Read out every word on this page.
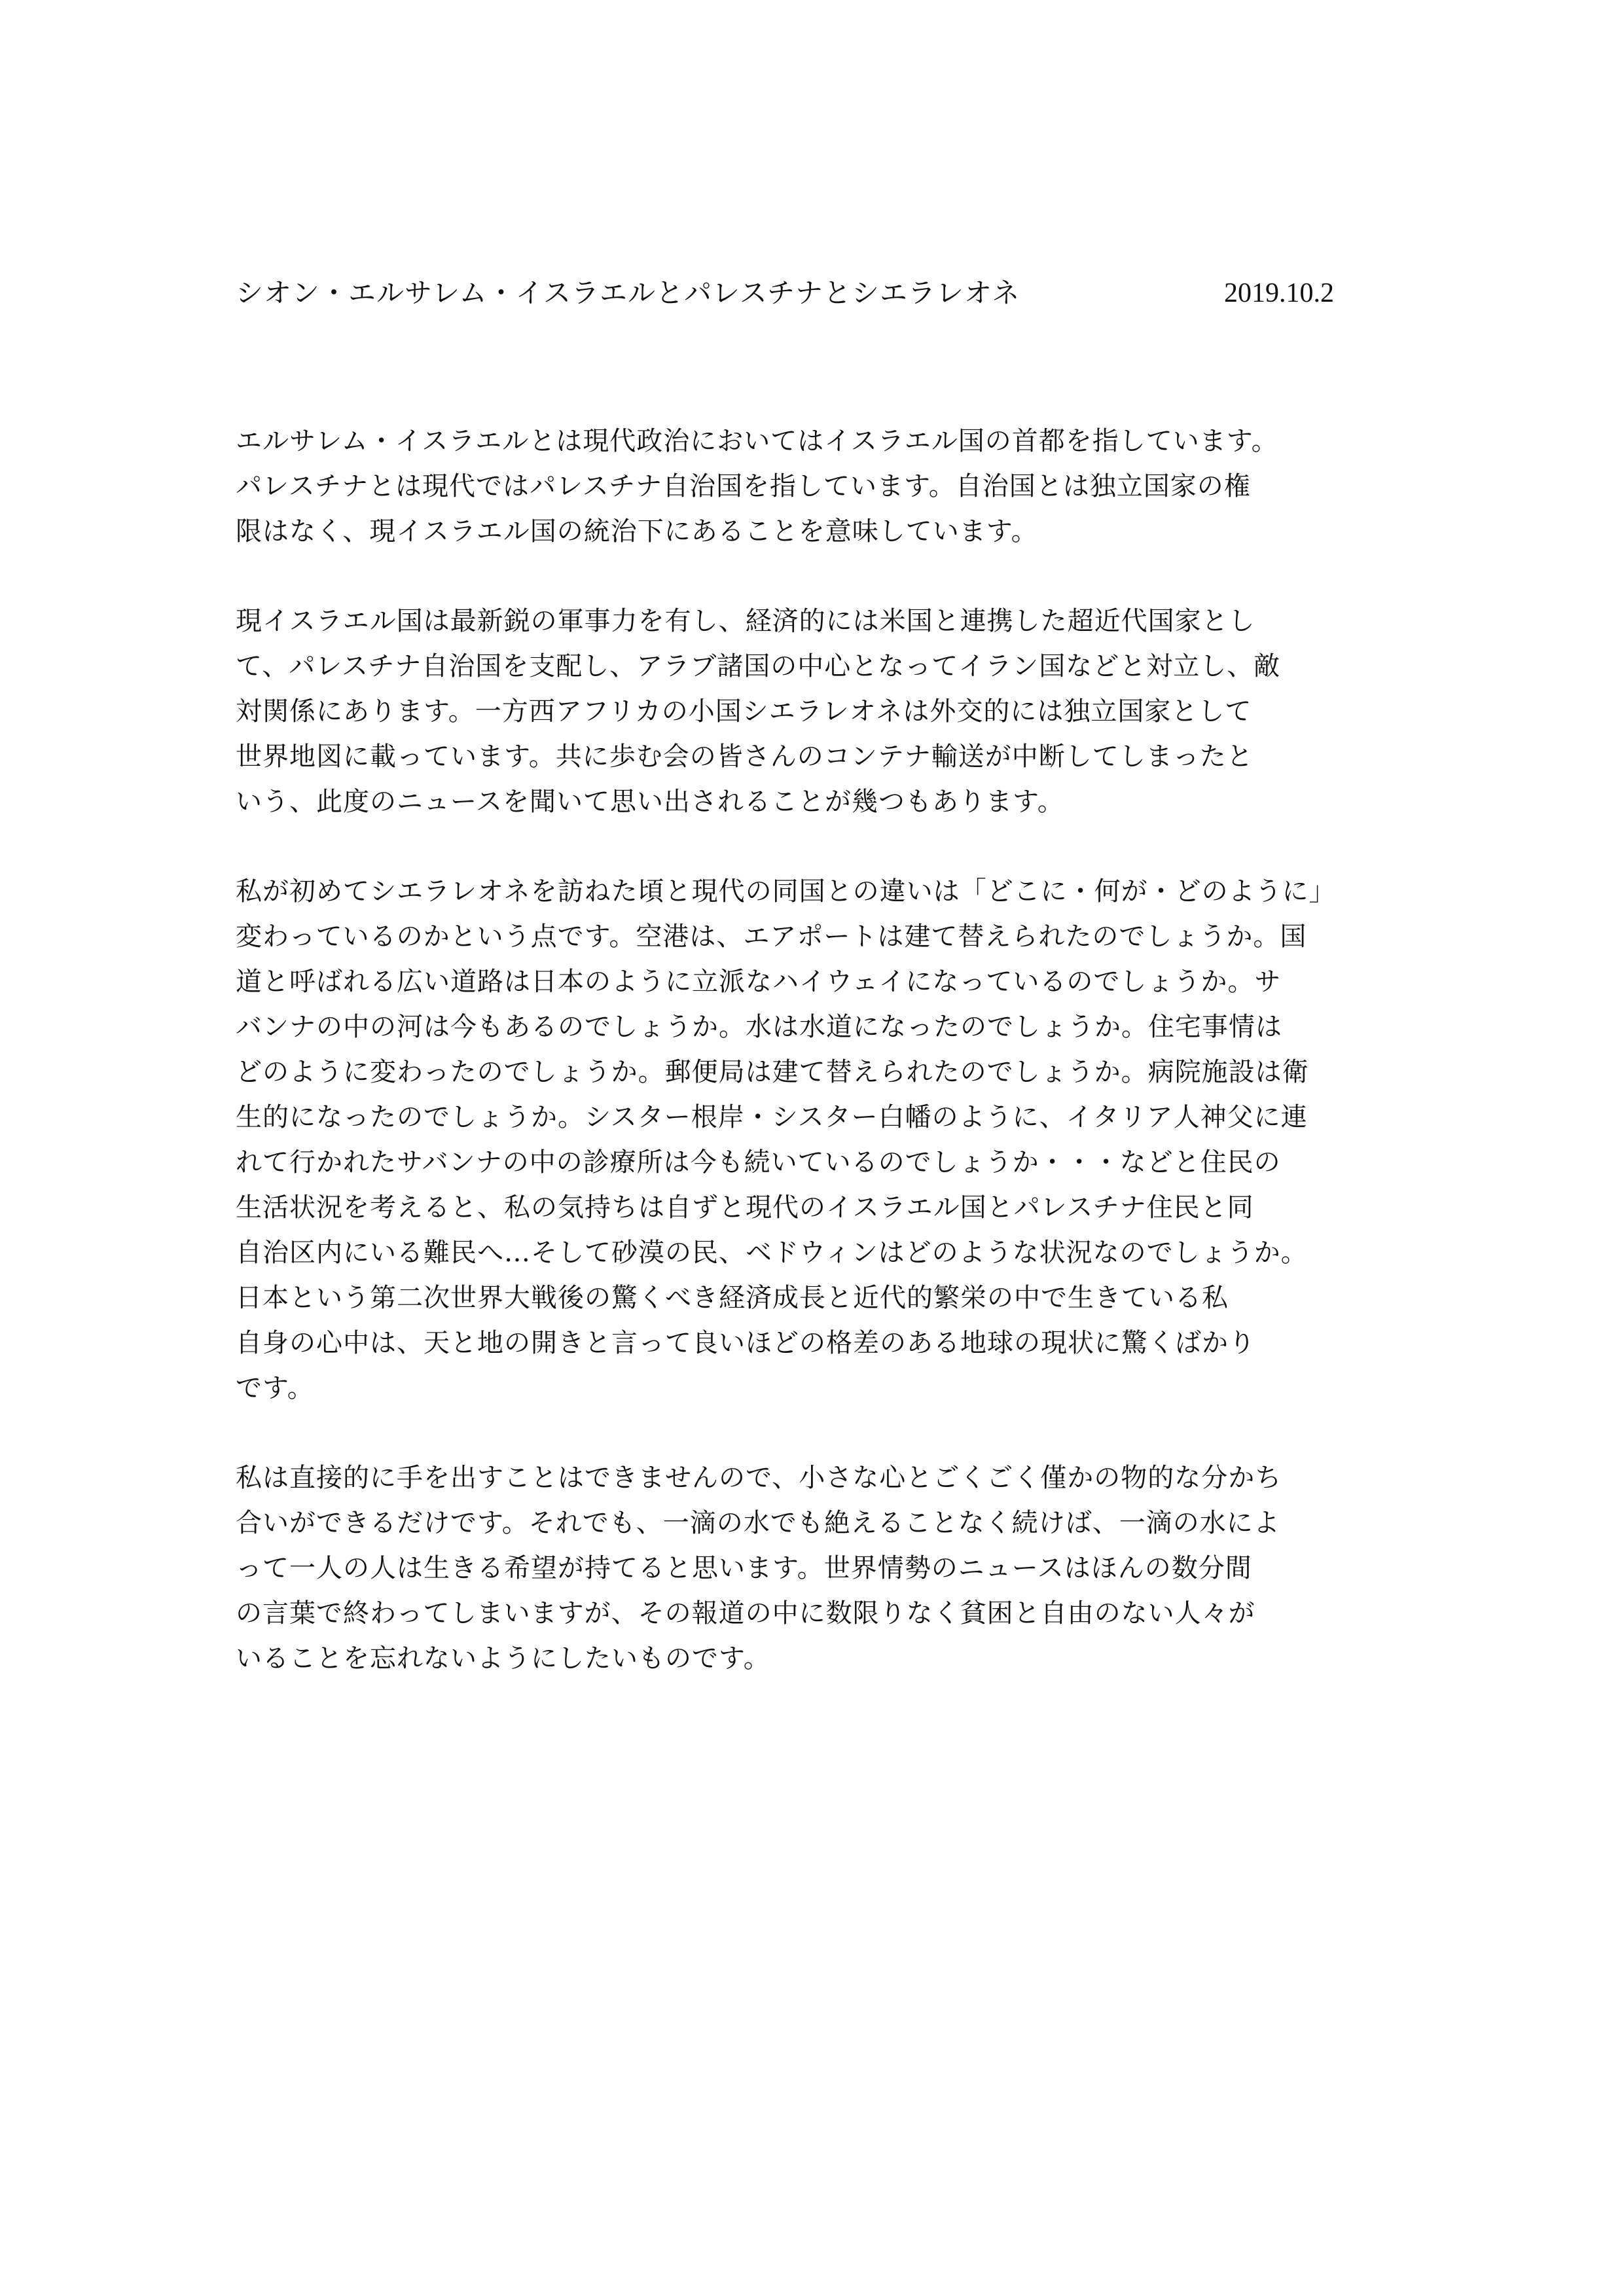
シオン・エルサレム・イスラエルとパレスチナとシエラレオネ	2019.10.2
エルサレム・イスラエルとは現代政治においてはイスラエル国の首都を指しています。
パレスチナとは現代ではパレスチナ自治国を指しています。自治国とは独立国家の権
限はなく、現イスラエル国の統治下にあることを意味しています。
現イスラエル国は最新鋭の軍事力を有し、経済的には米国と連携した超近代国家とし
て、パレスチナ自治国を支配し、アラブ諸国の中心となってイラン国などと対立し、敵
対関係にあります。一方西アフリカの小国シエラレオネは外交的には独立国家として
世界地図に載っています。共に歩む会の皆さんのコンテナ輸送が中断してしまったと
いう、此度のニュースを聞いて思い出されることが幾つもあります。
私が初めてシエラレオネを訪ねた頃と現代の同国との違いは「どこに・何が・どのように」
変わっているのかという点です。空港は、エアポートは建て替えられたのでしょうか。国
道と呼ばれる広い道路は日本のように立派なハイウェイになっているのでしょうか。サ
バンナの中の河は今もあるのでしょうか。水は水道になったのでしょうか。住宅事情は
どのように変わったのでしょうか。郵便局は建て替えられたのでしょうか。病院施設は衛
生的になったのでしょうか。シスター根岸・シスター白幡のように、イタリア人神父に連
れて行かれたサバンナの中の診療所は今も続いているのでしょうか・・・などと住民の
生活状況を考えると、私の気持ちは自ずと現代のイスラエル国とパレスチナ住民と同
自治区内にいる難民へ…そして砂漠の民、ベドウィンはどのような状況なのでしょうか。
日本という第二次世界大戦後の驚くべき経済成長と近代的繁栄の中で生きている私
自身の心中は、天と地の開きと言って良いほどの格差のある地球の現状に驚くばかり
です。
私は直接的に手を出すことはできませんので、小さな心とごくごく僅かの物的な分かち
合いができるだけです。それでも、一滴の水でも絶えることなく続けば、一滴の水によ
って一人の人は生きる希望が持てると思います。世界情勢のニュースはほんの数分間
の言葉で終わってしまいますが、その報道の中に数限りなく貧困と自由のない人々が
いることを忘れないようにしたいものです。
